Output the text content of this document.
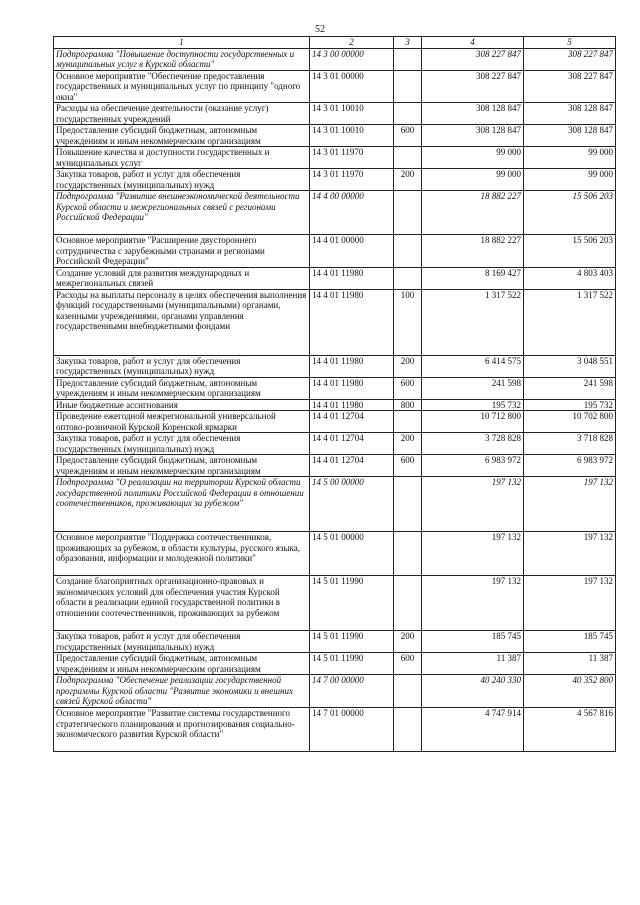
52
1	2	3	4	5
Подпрограмма "Повышение доступности государственных и муниципальных услуг в Курской области"	14 3 00 00000		308 227 847	308 227 847
Основное мероприятие "Обеспечение предоставления государственных и муниципальных услуг по принципу "одного окна"	14 3 01 00000		308 227 847	308 227 847
Расходы на обеспечение деятельности (оказание услуг) государственных учреждений	14 3 01 10010		308 128 847	308 128 847
Предоставление субсидий бюджетным, автономным учреждениям и иным некоммерческим организациям	14 3 01 10010	600	308 128 847	308 128 847
Повышение качества и доступности государственных и муниципальных услуг	14 3 01 11970		99 000	99 000
Закупка товаров, работ и услуг для обеспечения государственных (муниципальных) нужд	14 3 01 11970	200	99 000	99 000
Подпрограмма "Развитие внешнеэкономической деятельности Курской области и межрегиональных связей с регионами Российской Федерации"	14 4 00 00000		18 882 227	15 506 203
Основное мероприятие "Расширение двустороннего сотрудничества с зарубежными странами и регионами Российской Федерации"	14 4 01 00000		18 882 227	15 506 203
Создание условий для развития международных и межрегиональных связей	14 4 01 11980		8 169 427	4 803 403
Расходы на выплаты персоналу в целях обеспечения выполнения функций государственными (муниципальными) органами, казенными учреждениями, органами управления государственными внебюджетными фондами	14 4 01 11980	100	1 317 522	1 317 522
Закупка товаров, работ и услуг для обеспечения государственных (муниципальных) нужд	14 4 01 11980	200	6 414 575	3 048 551
Предоставление субсидий бюджетным, автономным учреждениям и иным некоммерческим организациям	14 4 01 11980	600	241 598	241 598
Иные бюджетные ассигнования	14 4 01 11980	800	195 732	195 732
Проведение ежегодной межрегиональной универсальной оптово-розничной Курской Коренской ярмарки	14 4 01 12704		10 712 800	10 702 800
Закупка товаров, работ и услуг для обеспечения государственных (муниципальных) нужд	14 4 01 12704	200	3 728 828	3 718 828
Предоставление субсидий бюджетным, автономным учреждениям и иным некоммерческим организациям	14 4 01 12704	600	6 983 972	6 983 972
Подпрограмма "О реализации на территории Курской области государственной политики Российской Федерации в отношении соотечественников, проживающих за рубежом"	14 5 00 00000		197 132	197 132
Основное мероприятие "Поддержка соотечественников, проживающих за рубежом, в области культуры, русского языка, образования, информации и молодежной политики"	14 5 01 00000		197 132	197 132
Создание благоприятных организационно-правовых и экономических условий для обеспечения участия Курской области в реализации единой государственной политики в отношении соотечественников, проживающих за рубежом	14 5 01 11990		197 132	197 132
Закупка товаров, работ и услуг для обеспечения государственных (муниципальных) нужд	14 5 01 11990	200	185 745	185 745
Предоставление субсидий бюджетным, автономным учреждениям и иным некоммерческим организациям	14 5 01 11990	600	11 387	11 387
Подпрограмма "Обеспечение реализации государственной программы Курской области "Развитие экономики и внешних связей Курской области"	14 7 00 00000		40 240 330	40 352 800
Основное мероприятие "Развитие системы государственного стратегического планирования и прогнозирования социально-экономического развития Курской области"	14 7 01 00000		4 747 914	4 567 816
